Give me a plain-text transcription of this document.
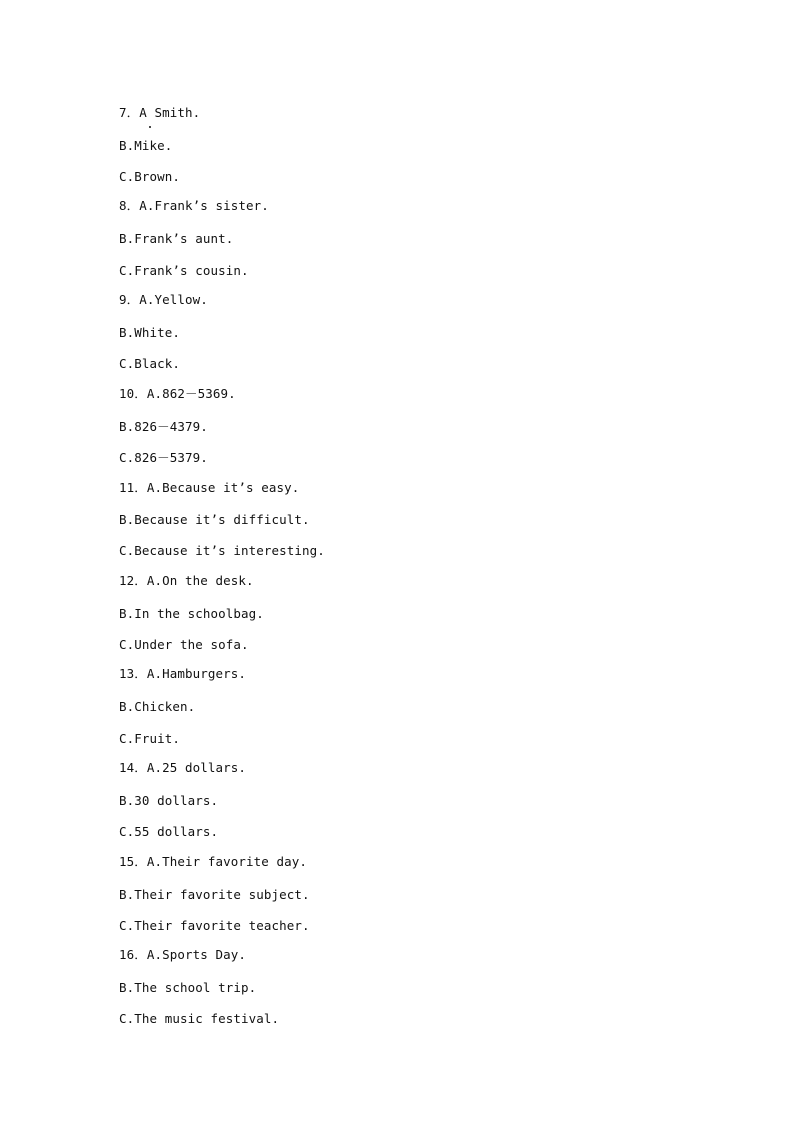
7．A Smith.
B.Mike.
C.Brown.
8．A.Frank’s sister.
B.Frank’s aunt.
C.Frank’s cousin.
9．A.Yellow.
B.White.
C.Black.
10．A.862－5369.
B.826－4379.
C.826－5379.
11．A.Because it’s easy.
B.Because it’s difficult.
C.Because it’s interesting.
12．A.On the desk.
B.In the schoolbag.
C.Under the sofa.
13．A.Hamburgers.
B.Chicken.
C.Fruit.
14．A.25 dollars.
B.30 dollars.
C.55 dollars.
15．A.Their favorite day.
B.Their favorite subject.
C.Their favorite teacher.
16．A.Sports Day.
B.The school trip.
C.The music festival.
